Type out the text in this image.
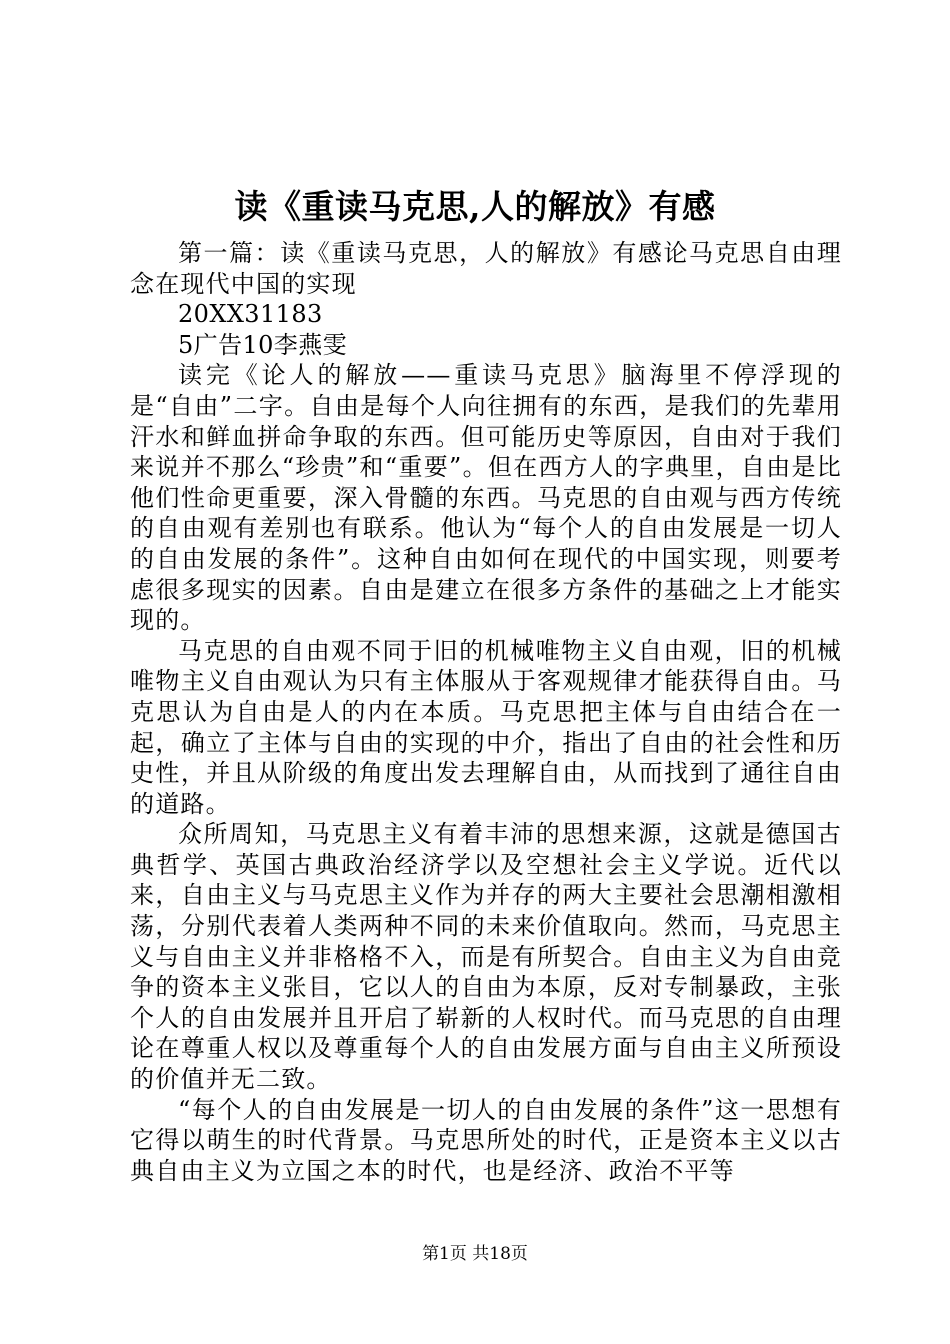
读《重读马克思,人的解放》有感

第一篇：读《重读马克思，人的解放》有感论马克思自由理念在现代中国的实现

20XX31183

5广告10李燕雯

读完《论人的解放——重读马克思》脑海里不停浮现的是“自由”二字。自由是每个人向往拥有的东西，是我们的先辈用汗水和鲜血拼命争取的东西。但可能历史等原因，自由对于我们来说并不那么“珍贵”和“重要”。但在西方人的字典里，自由是比他们性命更重要，深入骨髓的东西。马克思的自由观与西方传统的自由观有差别也有联系。他认为“每个人的自由发展是一切人的自由发展的条件”。这种自由如何在现代的中国实现，则要考虑很多现实的因素。自由是建立在很多方条件的基础之上才能实现的。

马克思的自由观不同于旧的机械唯物主义自由观，旧的机械唯物主义自由观认为只有主体服从于客观规律才能获得自由。马克思认为自由是人的内在本质。马克思把主体与自由结合在一起，确立了主体与自由的实现的中介，指出了自由的社会性和历史性，并且从阶级的角度出发去理解自由，从而找到了通往自由的道路。

众所周知，马克思主义有着丰沛的思想来源，这就是德国古典哲学、英国古典政治经济学以及空想社会主义学说。近代以来，自由主义与马克思主义作为并存的两大主要社会思潮相激相荡，分别代表着人类两种不同的未来价值取向。然而，马克思主义与自由主义并非格格不入，而是有所契合。自由主义为自由竞争的资本主义张目，它以人的自由为本原，反对专制暴政，主张个人的自由发展并且开启了崭新的人权时代。而马克思的自由理论在尊重人权以及尊重每个人的自由发展方面与自由主义所预设的价值并无二致。

“每个人的自由发展是一切人的自由发展的条件”这一思想有它得以萌生的时代背景。马克思所处的时代，正是资本主义以古典自由主义为立国之本的时代，也是经济、政治不平等

第1页 共18页
